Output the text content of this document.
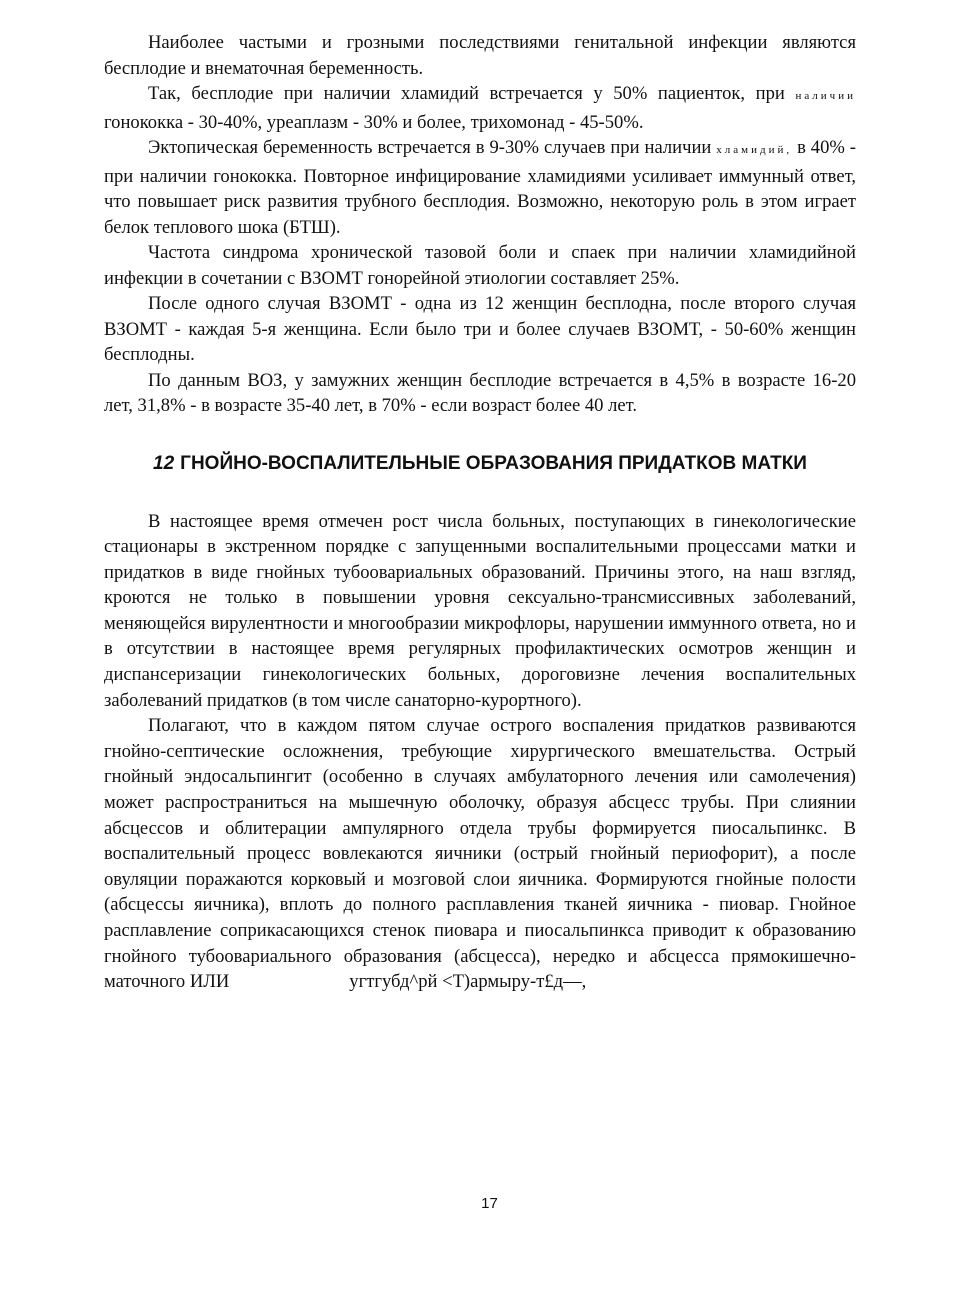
Наиболее частыми и грозными последствиями генитальной инфекции являются бесплодие и внематочная беременность.

Так, бесплодие при наличии хламидий встречается у 50% пациенток, при наличии гонококка - 30-40%, уреаплазм - 30% и более, трихомонад - 45-50%.

Эктопическая беременность встречается в 9-30% случаев при наличии хламидий, в 40% - при наличии гонококка. Повторное инфицирование хламидиями усиливает иммунный ответ, что повышает риск развития трубного бесплодия. Возможно, некоторую роль в этом играет белок теплового шока (БТШ).

Частота синдрома хронической тазовой боли и спаек при наличии хламидийной инфекции в сочетании с ВЗОМТ гонорейной этиологии составляет 25%.

После одного случая ВЗОМТ - одна из 12 женщин бесплодна, после второго случая ВЗОМТ - каждая 5-я женщина. Если было три и более случаев ВЗОМТ, - 50-60% женщин бесплодны.

По данным ВОЗ, у замужних женщин бесплодие встречается в 4,5% в возрасте 16-20 лет, 31,8% - в возрасте 35-40 лет, в 70% - если возраст более 40 лет.

12 ГНОЙНО-ВОСПАЛИТЕЛЬНЫЕ ОБРАЗОВАНИЯ ПРИДАТКОВ МАТКИ

В настоящее время отмечен рост числа больных, поступающих в гинекологические стационары в экстренном порядке с запущенными воспалительными процессами матки и придатков в виде гнойных тубоовариальных образований. Причины этого, на наш взгляд, кроются не только в повышении уровня сексуально-трансмиссивных заболеваний, меняющейся вирулентности и многообразии микрофлоры, нарушении иммунного ответа, но и в отсутствии в настоящее время регулярных профилактических осмотров женщин и диспансеризации гинекологических больных, дороговизне лечения воспалительных заболеваний придатков (в том числе санаторно-курортного).

Полагают, что в каждом пятом случае острого воспаления придатков развиваются гнойно-септические осложнения, требующие хирургического вмешательства. Острый гнойный эндосальпингит (особенно в случаях амбулаторного лечения или самолечения) может распространиться на мышечную оболочку, образуя абсцесс трубы. При слиянии абсцессов и облитерации ампулярного отдела трубы формируется пиосальпинкс. В воспалительный процесс вовлекаются яичники (острый гнойный периофорит), а после овуляции поражаются корковый и мозговой слои яичника. Формируются гнойные полости (абсцессы яичника), вплоть до полного расплавления тканей яичника - пиовар. Гнойное расплавление соприкасающихся стенок пиовара и пиосальпинкса приводит к образованию гнойного тубоовариального образования (абсцесса), нередко и абсцесса прямокишечно-маточного ИЛИ	угтгубд^рй <Т)армыру-т£д—,

17
